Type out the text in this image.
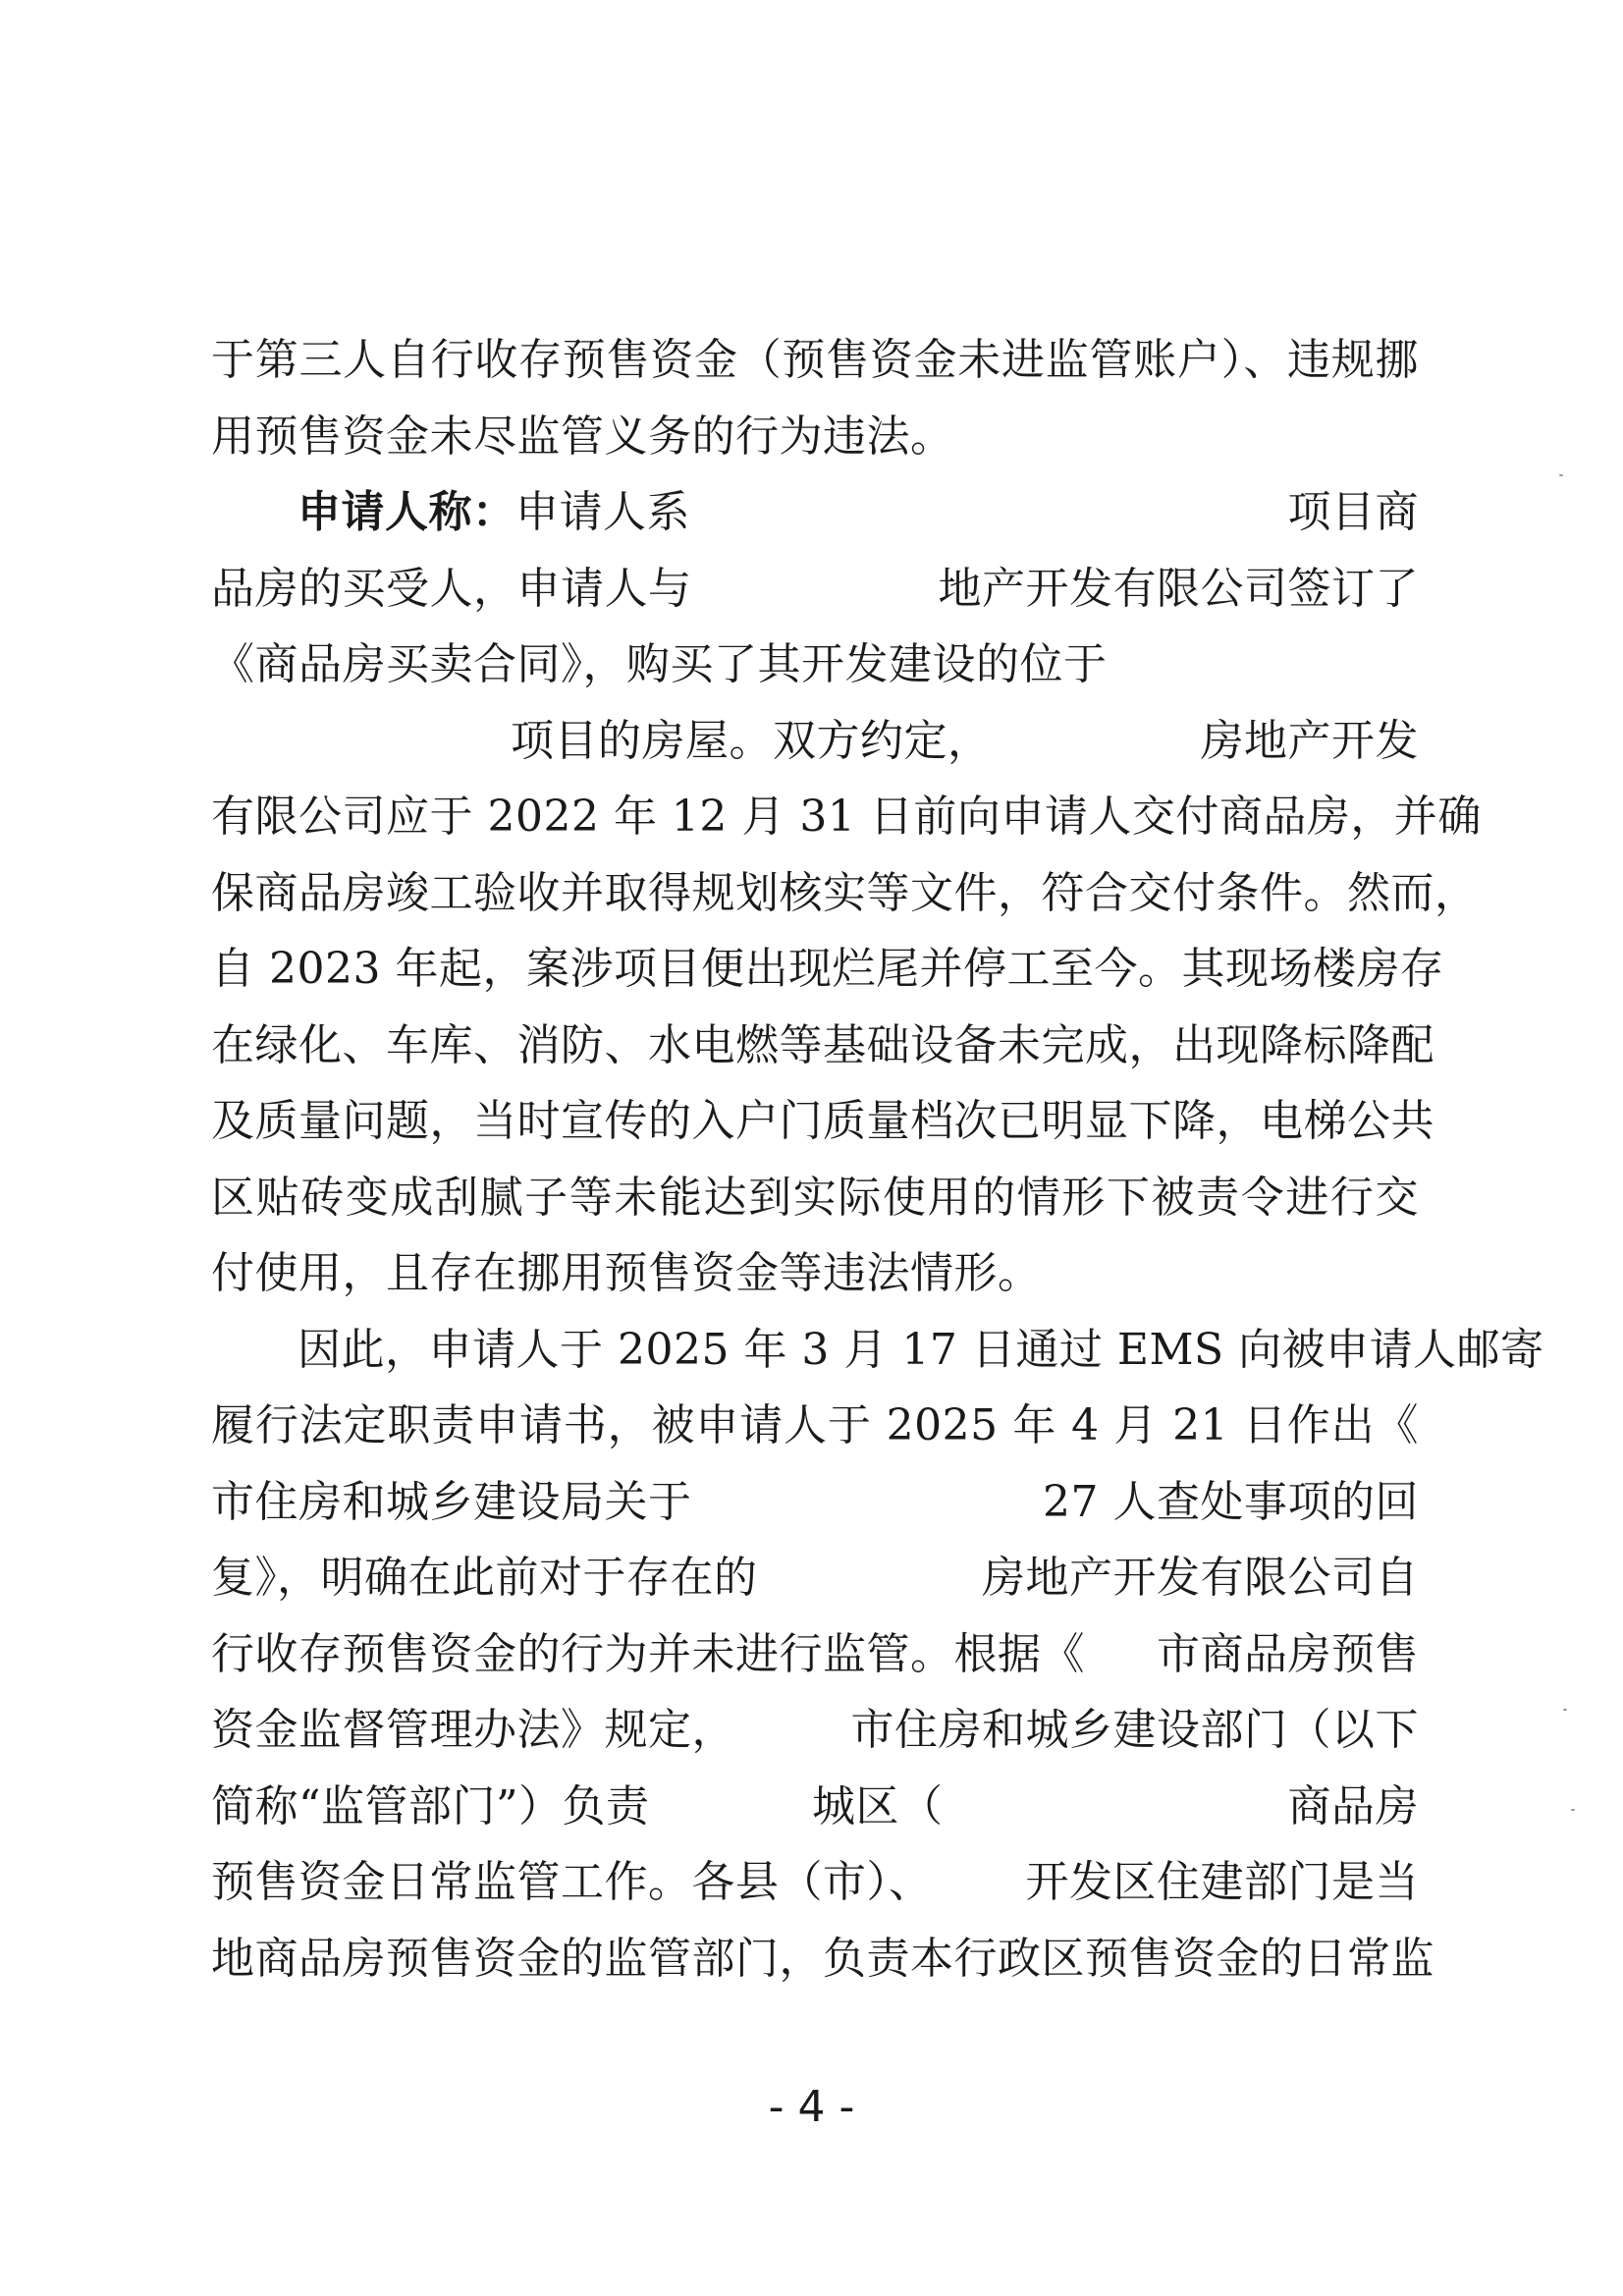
于第三人自行收存预售资金（预售资金未进监管账户）、违规挪
用预售资金未尽监管义务的行为违法。
申请人称： 申请人系	项目商
品房的买受人，申请人与	地产开发有限公司签订了
《商品房买卖合同》，购买了其开发建设的位于
项目的房屋。双方约定，	房地产开发
有限公司应于 2022 年 12 月 31 日前向申请人交付商品房，并确
保商品房竣工验收并取得规划核实等文件，符合交付条件。然而，
自 2023 年起，案涉项目便出现烂尾并停工至今。其现场楼房存
在绿化、车库、消防、水电燃等基础设备未完成，出现降标降配
及质量问题，当时宣传的入户门质量档次已明显下降，电梯公共
区贴砖变成刮腻子等未能达到实际使用的情形下被责令进行交
付使用，且存在挪用预售资金等违法情形。
因此，申请人于 2025 年 3 月 17 日通过 EMS 向被申请人邮寄
履行法定职责申请书，被申请人于 2025 年 4 月 21 日作出《
市住房和城乡建设局关于	27 人查处事项的回
复》，明确在此前对于存在的	房地产开发有限公司自
行收存预售资金的行为并未进行监管。根据《 市商品房预售
资金监督管理办法》规定，	市住房和城乡建设部门（以下
简称“监管部门”）负责	城区（	商品房
预售资金日常监管工作。各县（市）、 开发区住建部门是当
地商品房预售资金的监管部门，负责本行政区预售资金的日常监
- 4 -
